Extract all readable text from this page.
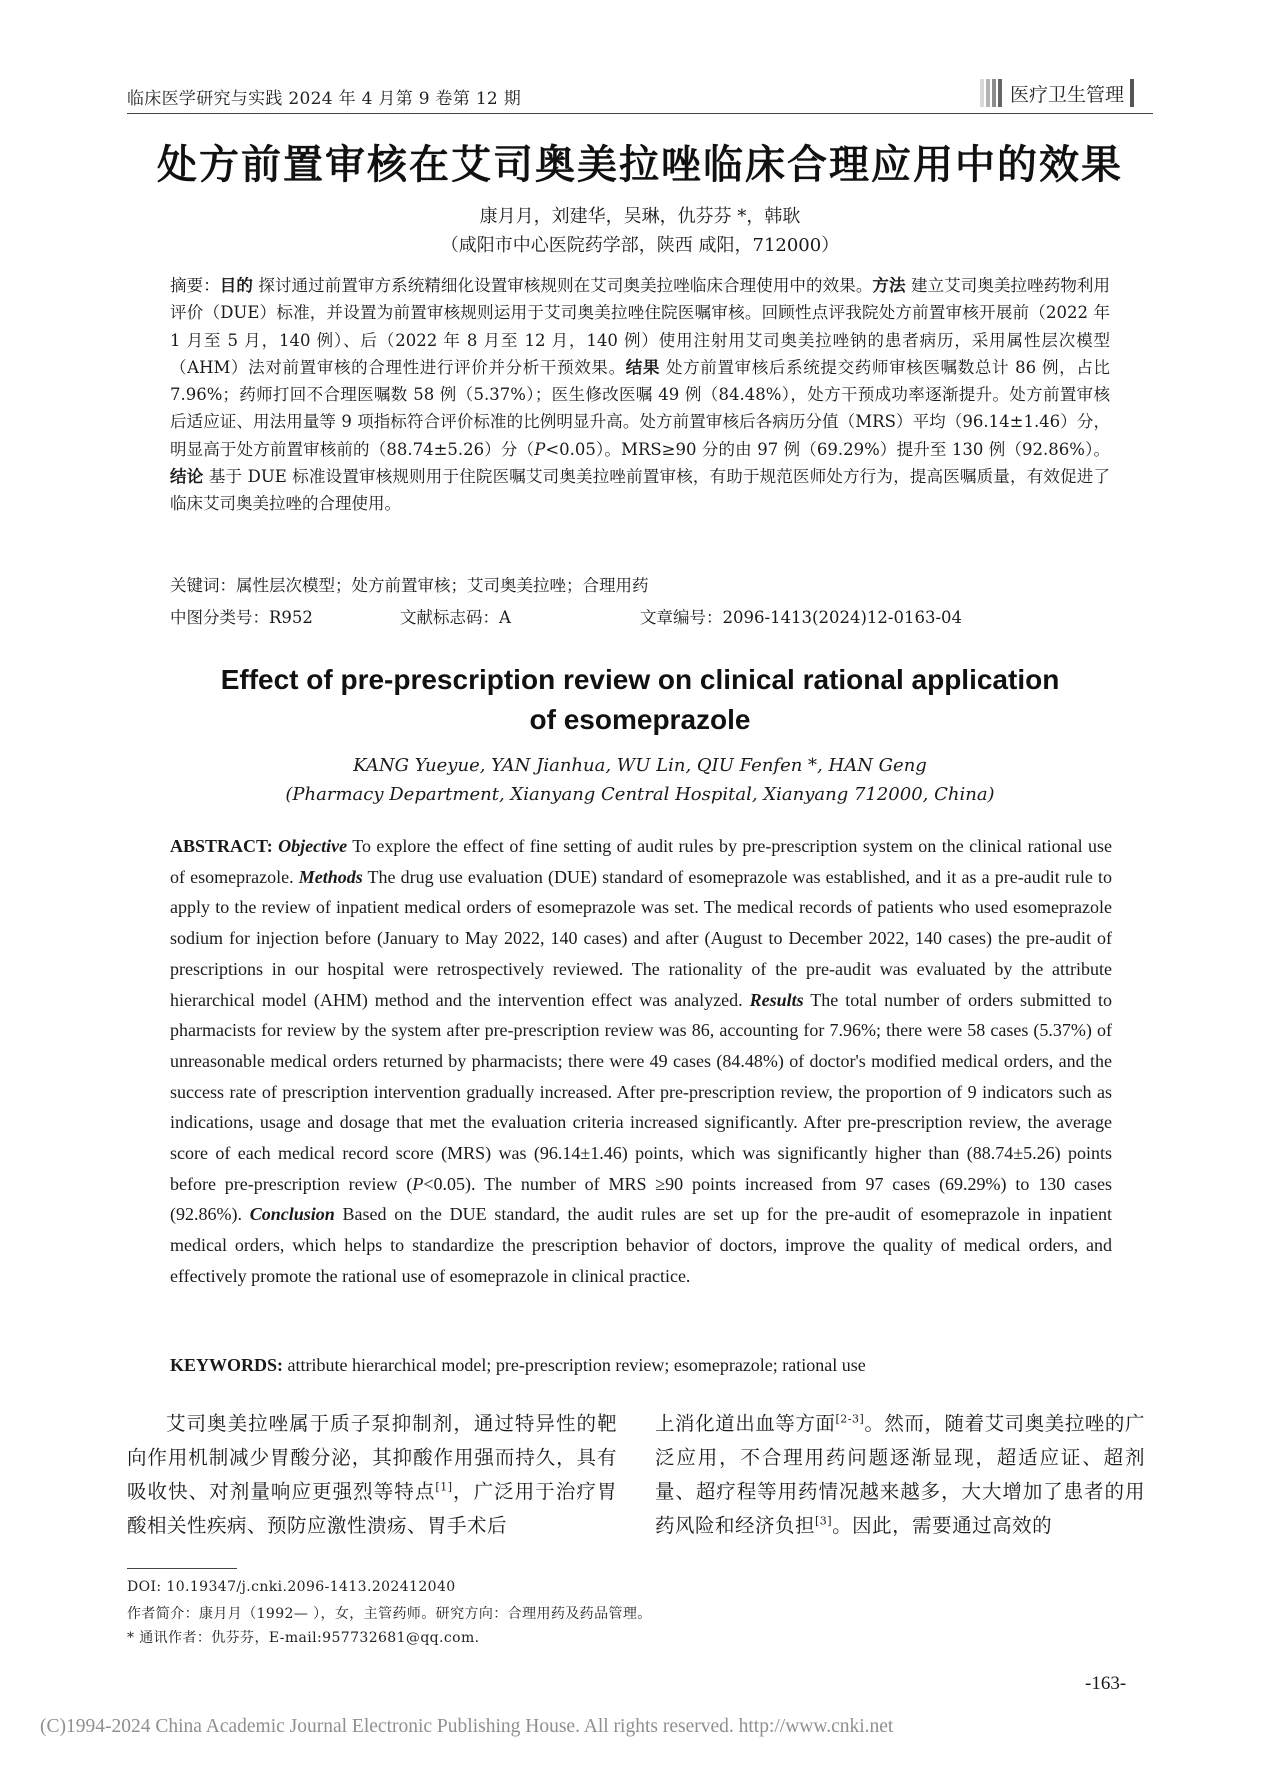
临床医学研究与实践 2024 年 4 月第 9 卷第 12 期	医疗卫生管理
处方前置审核在艾司奥美拉唑临床合理应用中的效果
康月月，刘建华，吴琳，仇芬芬 *，韩耿
（咸阳市中心医院药学部，陕西 咸阳，712000）
摘要：目的 探讨通过前置审方系统精细化设置审核规则在艾司奥美拉唑临床合理使用中的效果。方法 建立艾司奥美拉唑药物利用评价（DUE）标准，并设置为前置审核规则运用于艾司奥美拉唑住院医嘱审核。回顾性点评我院处方前置审核开展前（2022 年 1 月至 5 月，140 例）、后（2022 年 8 月至 12 月，140 例）使用注射用艾司奥美拉唑钠的患者病历，采用属性层次模型（AHM）法对前置审核的合理性进行评价并分析干预效果。结果 处方前置审核后系统提交药师审核医嘱数总计 86 例，占比 7.96%；药师打回不合理医嘱数 58 例（5.37%）；医生修改医嘱 49 例（84.48%），处方干预成功率逐渐提升。处方前置审核后适应证、用法用量等 9 项指标符合评价标准的比例明显升高。处方前置审核后各病历分值（MRS）平均（96.14±1.46）分，明显高于处方前置审核前的（88.74±5.26）分（P<0.05）。MRS≥90 分的由 97 例（69.29%）提升至 130 例（92.86%）。结论 基于 DUE 标准设置审核规则用于住院医嘱艾司奥美拉唑前置审核，有助于规范医师处方行为，提高医嘱质量，有效促进了临床艾司奥美拉唑的合理使用。
关键词：属性层次模型；处方前置审核；艾司奥美拉唑；合理用药
中图分类号：R952	文献标志码：A	文章编号：2096-1413(2024)12-0163-04
Effect of pre-prescription review on clinical rational application
of esomeprazole
KANG Yueyue, YAN Jianhua, WU Lin, QIU Fenfen *, HAN Geng
(Pharmacy Department, Xianyang Central Hospital, Xianyang 712000, China)
ABSTRACT: Objective To explore the effect of fine setting of audit rules by pre-prescription system on the clinical rational use of esomeprazole. Methods The drug use evaluation (DUE) standard of esomeprazole was established, and it as a pre-audit rule to apply to the review of inpatient medical orders of esomeprazole was set. The medical records of patients who used esomeprazole sodium for injection before (January to May 2022, 140 cases) and after (August to December 2022, 140 cases) the pre-audit of prescriptions in our hospital were retrospectively reviewed. The rationality of the pre-audit was evaluated by the attribute hierarchical model (AHM) method and the intervention effect was analyzed. Results The total number of orders submitted to pharmacists for review by the system after pre-prescription review was 86, accounting for 7.96%; there were 58 cases (5.37%) of unreasonable medical orders returned by pharmacists; there were 49 cases (84.48%) of doctor's modified medical orders, and the success rate of prescription intervention gradually increased. After pre-prescription review, the proportion of 9 indicators such as indications, usage and dosage that met the evaluation criteria increased significantly. After pre-prescription review, the average score of each medical record score (MRS) was (96.14±1.46) points, which was significantly higher than (88.74±5.26) points before pre-prescription review (P<0.05). The number of MRS ≥90 points increased from 97 cases (69.29%) to 130 cases (92.86%). Conclusion Based on the DUE standard, the audit rules are set up for the pre-audit of esomeprazole in inpatient medical orders, which helps to standardize the prescription behavior of doctors, improve the quality of medical orders, and effectively promote the rational use of esomeprazole in clinical practice.
KEYWORDS: attribute hierarchical model; pre-prescription review; esomeprazole; rational use
艾司奥美拉唑属于质子泵抑制剂，通过特异性的靶向作用机制减少胃酸分泌，其抑酸作用强而持久，具有吸收快、对剂量响应更强烈等特点[1]，广泛用于治疗胃酸相关性疾病、预防应激性溃疡、胃手术后
上消化道出血等方面[2-3]。然而，随着艾司奥美拉唑的广泛应用，不合理用药问题逐渐显现，超适应证、超剂量、超疗程等用药情况越来越多，大大增加了患者的用药风险和经济负担[3]。因此，需要通过高效的
DOI: 10.19347/j.cnki.2096-1413.202412040
作者简介：康月月（1992— ），女，主管药师。研究方向：合理用药及药品管理。
* 通讯作者：仇芬芬，E-mail:957732681@qq.com.
-163-
(C)1994-2024 China Academic Journal Electronic Publishing House. All rights reserved. http://www.cnki.net
